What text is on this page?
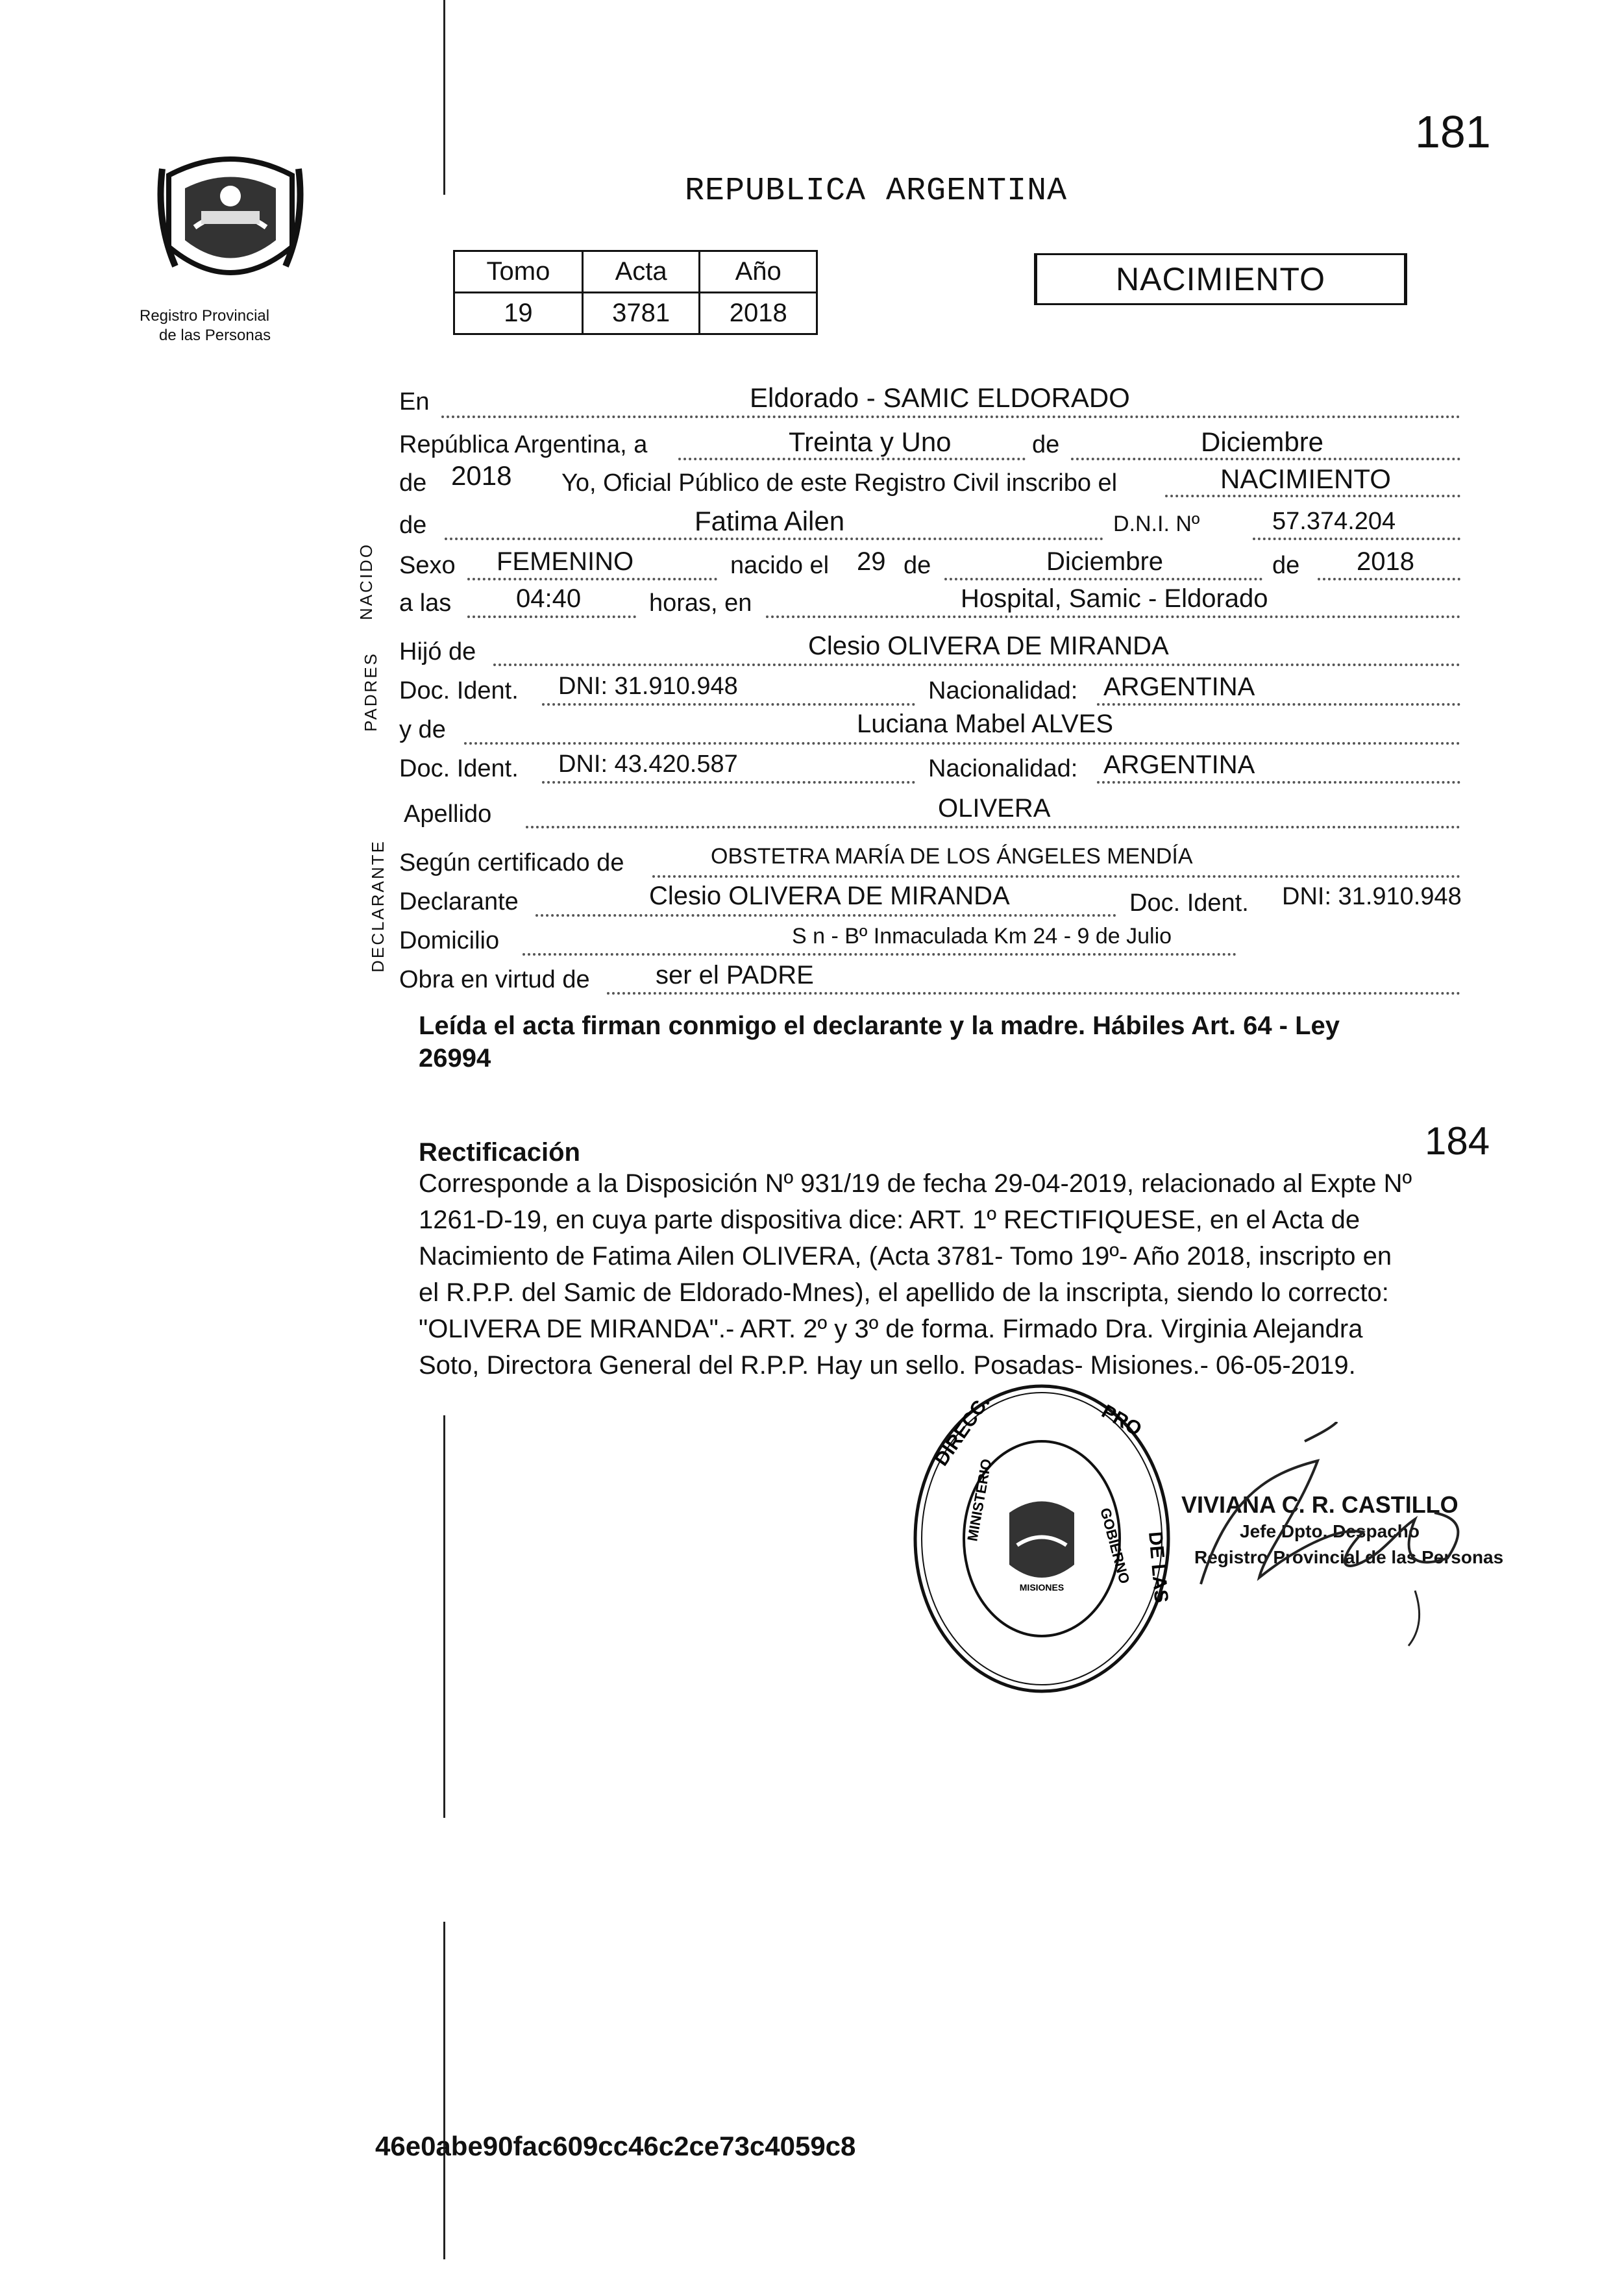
Registro Provincial
de las Personas
181
REPUBLICA ARGENTINA
Tomo	Acta	Año
19	3781	2018
NACIMIENTO
NACIDO
PADRES
DECLARANTE
En	Eldorado - SAMIC ELDORADO
República Argentina, a	Treinta y Uno	de	Diciembre
de 2018 Yo, Oficial Público de este Registro Civil inscribo el	NACIMIENTO
de	Fatima Ailen	D.N.I. Nº	57.374.204
Sexo FEMENINO	nacido el 29 de	Diciembre	de 2018
a las 04:40	horas, en	Hospital, Samic - Eldorado
Hijó de	Clesio OLIVERA DE MIRANDA
Doc. Ident. DNI: 31.910.948	Nacionalidad: ARGENTINA
y de	Luciana Mabel ALVES
Doc. Ident. DNI: 43.420.587	Nacionalidad: ARGENTINA
Apellido	OLIVERA
Según certificado de	OBSTETRA MARÍA DE LOS ÁNGELES MENDÍA
Declarante	Clesio OLIVERA DE MIRANDA	Doc. Ident. DNI: 31.910.948
Domicilio	S n - Bº Inmaculada Km 24 - 9 de Julio
Obra en virtud de	ser el PADRE
Leída el acta firman conmigo el declarante y la madre. Hábiles Art. 64 - Ley
26994
184
Rectificación
Corresponde a la Disposición Nº 931/19 de fecha 29-04-2019, relacionado al Expte Nº
1261-D-19, en cuya parte dispositiva dice: ART. 1º RECTIFIQUESE, en el Acta de
Nacimiento de Fatima Ailen OLIVERA, (Acta 3781- Tomo 19º- Año 2018, inscripto en
el R.P.P. del Samic de Eldorado-Mnes), el apellido de la inscripta, siendo lo correcto:
"OLIVERA DE MIRANDA".- ART. 2º y 3º de forma. Firmado Dra. Virginia Alejandra
Soto, Directora General del R.P.P. Hay un sello. Posadas- Misiones.- 06-05-2019.
MISIONES
DIRECC.	PRO
DE LAS
MINISTERIO
GOBIERNO
VIVIANA C. R. CASTILLO
Jefe Dpto. Despacho
Registro Provincial de las Personas
46e0abe90fac609cc46c2ce73c4059c8
